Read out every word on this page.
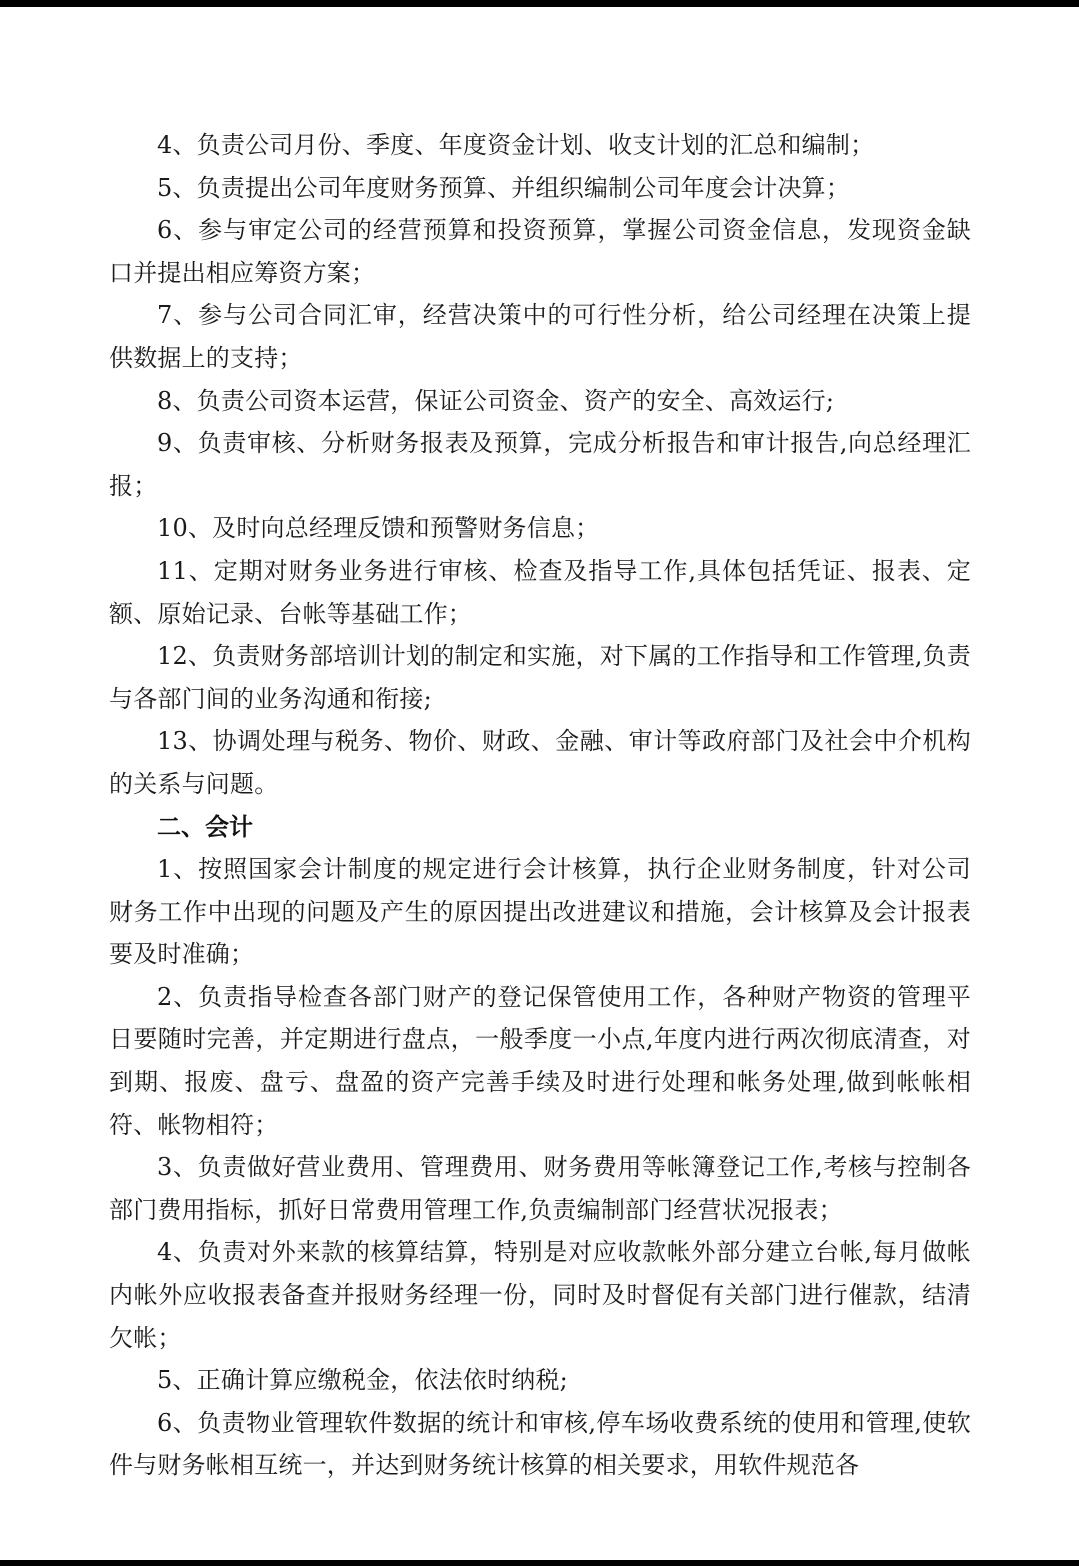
4、负责公司月份、季度、年度资金计划、收支计划的汇总和编制；

5、负责提出公司年度财务预算、并组织编制公司年度会计决算；

6、参与审定公司的经营预算和投资预算，掌握公司资金信息，发现资金缺口并提出相应筹资方案；

7、参与公司合同汇审，经营决策中的可行性分析，给公司经理在决策上提供数据上的支持；

8、负责公司资本运营，保证公司资金、资产的安全、高效运行;

9、负责审核、分析财务报表及预算，完成分析报告和审计报告,向总经理汇报；

10、及时向总经理反馈和预警财务信息；

11、定期对财务业务进行审核、检查及指导工作,具体包括凭证、报表、定额、原始记录、台帐等基础工作；

12、负责财务部培训计划的制定和实施，对下属的工作指导和工作管理,负责与各部门间的业务沟通和衔接;

13、协调处理与税务、物价、财政、金融、审计等政府部门及社会中介机构的关系与问题。

二、会计

1、按照国家会计制度的规定进行会计核算，执行企业财务制度，针对公司财务工作中出现的问题及产生的原因提出改进建议和措施，会计核算及会计报表要及时准确；

2、负责指导检查各部门财产的登记保管使用工作，各种财产物资的管理平日要随时完善，并定期进行盘点，一般季度一小点,年度内进行两次彻底清查，对到期、报废、盘亏、盘盈的资产完善手续及时进行处理和帐务处理,做到帐帐相符、帐物相符；

3、负责做好营业费用、管理费用、财务费用等帐簿登记工作,考核与控制各部门费用指标，抓好日常费用管理工作,负责编制部门经营状况报表；

4、负责对外来款的核算结算，特别是对应收款帐外部分建立台帐,每月做帐内帐外应收报表备查并报财务经理一份，同时及时督促有关部门进行催款，结清欠帐；

5、正确计算应缴税金，依法依时纳税;

6、负责物业管理软件数据的统计和审核,停车场收费系统的使用和管理,使软件与财务帐相互统一，并达到财务统计核算的相关要求，用软件规范各
